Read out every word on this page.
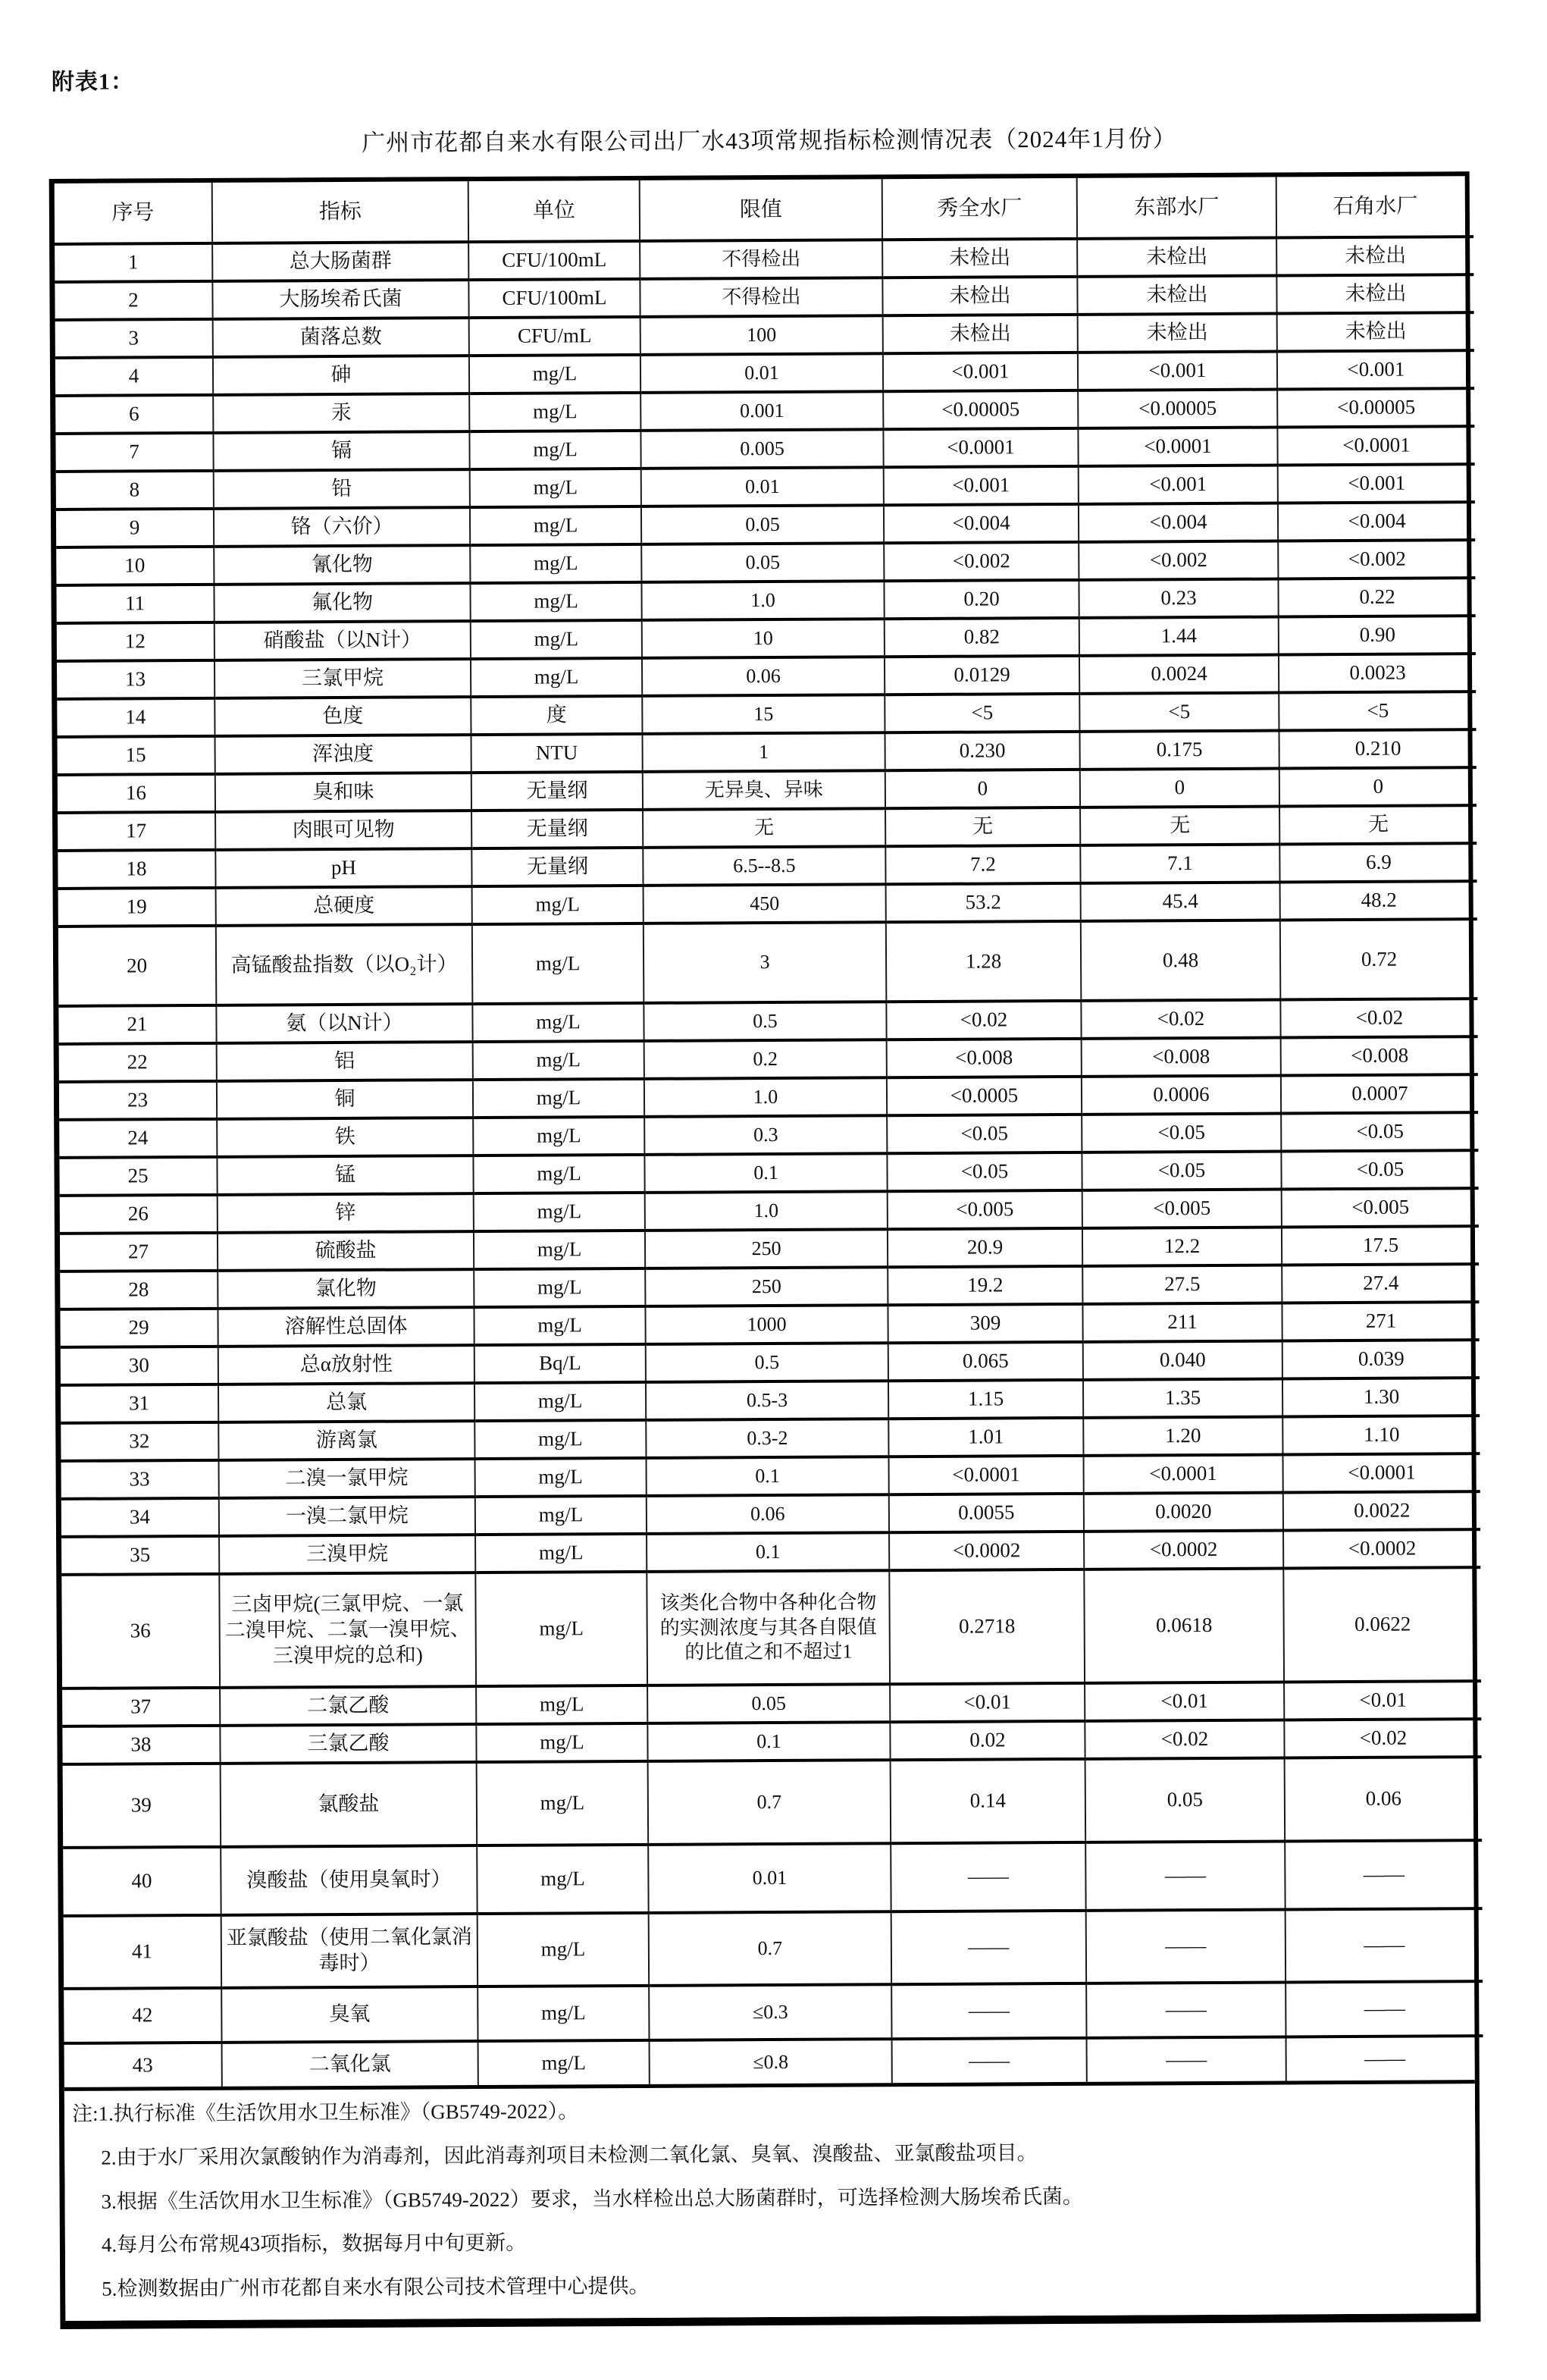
附表1：
广州市花都自来水有限公司出厂水43项常规指标检测情况表（2024年1月份）
序号	指标	单位	限值	秀全水厂	东部水厂	石角水厂
1	总大肠菌群	CFU/100mL	不得检出	未检出	未检出	未检出
2	大肠埃希氏菌	CFU/100mL	不得检出	未检出	未检出	未检出
3	菌落总数	CFU/mL	100	未检出	未检出	未检出
4	砷	mg/L	0.01	<0.001	<0.001	<0.001
6	汞	mg/L	0.001	<0.00005	<0.00005	<0.00005
7	镉	mg/L	0.005	<0.0001	<0.0001	<0.0001
8	铅	mg/L	0.01	<0.001	<0.001	<0.001
9	铬（六价）	mg/L	0.05	<0.004	<0.004	<0.004
10	氰化物	mg/L	0.05	<0.002	<0.002	<0.002
11	氟化物	mg/L	1.0	0.20	0.23	0.22
12	硝酸盐（以N计）	mg/L	10	0.82	1.44	0.90
13	三氯甲烷	mg/L	0.06	0.0129	0.0024	0.0023
14	色度	度	15	<5	<5	<5
15	浑浊度	NTU	1	0.230	0.175	0.210
16	臭和味	无量纲	无异臭、异味	0	0	0
17	肉眼可见物	无量纲	无	无	无	无
18	pH	无量纲	6.5--8.5	7.2	7.1	6.9
19	总硬度	mg/L	450	53.2	45.4	48.2
20	高锰酸盐指数（以O₂计）	mg/L	3	1.28	0.48	0.72
21	氨（以N计）	mg/L	0.5	<0.02	<0.02	<0.02
22	铝	mg/L	0.2	<0.008	<0.008	<0.008
23	铜	mg/L	1.0	<0.0005	0.0006	0.0007
24	铁	mg/L	0.3	<0.05	<0.05	<0.05
25	锰	mg/L	0.1	<0.05	<0.05	<0.05
26	锌	mg/L	1.0	<0.005	<0.005	<0.005
27	硫酸盐	mg/L	250	20.9	12.2	17.5
28	氯化物	mg/L	250	19.2	27.5	27.4
29	溶解性总固体	mg/L	1000	309	211	271
30	总α放射性	Bq/L	0.5	0.065	0.040	0.039
31	总氯	mg/L	0.5-3	1.15	1.35	1.30
32	游离氯	mg/L	0.3-2	1.01	1.20	1.10
33	二溴一氯甲烷	mg/L	0.1	<0.0001	<0.0001	<0.0001
34	一溴二氯甲烷	mg/L	0.06	0.0055	0.0020	0.0022
35	三溴甲烷	mg/L	0.1	<0.0002	<0.0002	<0.0002
36	三卤甲烷(三氯甲烷、一氯二溴甲烷、二氯一溴甲烷、三溴甲烷的总和)	mg/L	该类化合物中各种化合物的实测浓度与其各自限值的比值之和不超过1	0.2718	0.0618	0.0622
37	二氯乙酸	mg/L	0.05	<0.01	<0.01	<0.01
38	三氯乙酸	mg/L	0.1	0.02	<0.02	<0.02
39	氯酸盐	mg/L	0.7	0.14	0.05	0.06
40	溴酸盐（使用臭氧时）	mg/L	0.01	——	——	——
41	亚氯酸盐（使用二氧化氯消毒时）	mg/L	0.7	——	——	——
42	臭氧	mg/L	≤0.3	——	——	——
43	二氧化氯	mg/L	≤0.8	——	——	——
注:1.执行标准《生活饮用水卫生标准》（GB5749-2022）。
2.由于水厂采用次氯酸钠作为消毒剂，因此消毒剂项目未检测二氧化氯、臭氧、溴酸盐、亚氯酸盐项目。
3.根据《生活饮用水卫生标准》（GB5749-2022）要求，当水样检出总大肠菌群时，可选择检测大肠埃希氏菌。
4.每月公布常规43项指标，数据每月中旬更新。
5.检测数据由广州市花都自来水有限公司技术管理中心提供。
